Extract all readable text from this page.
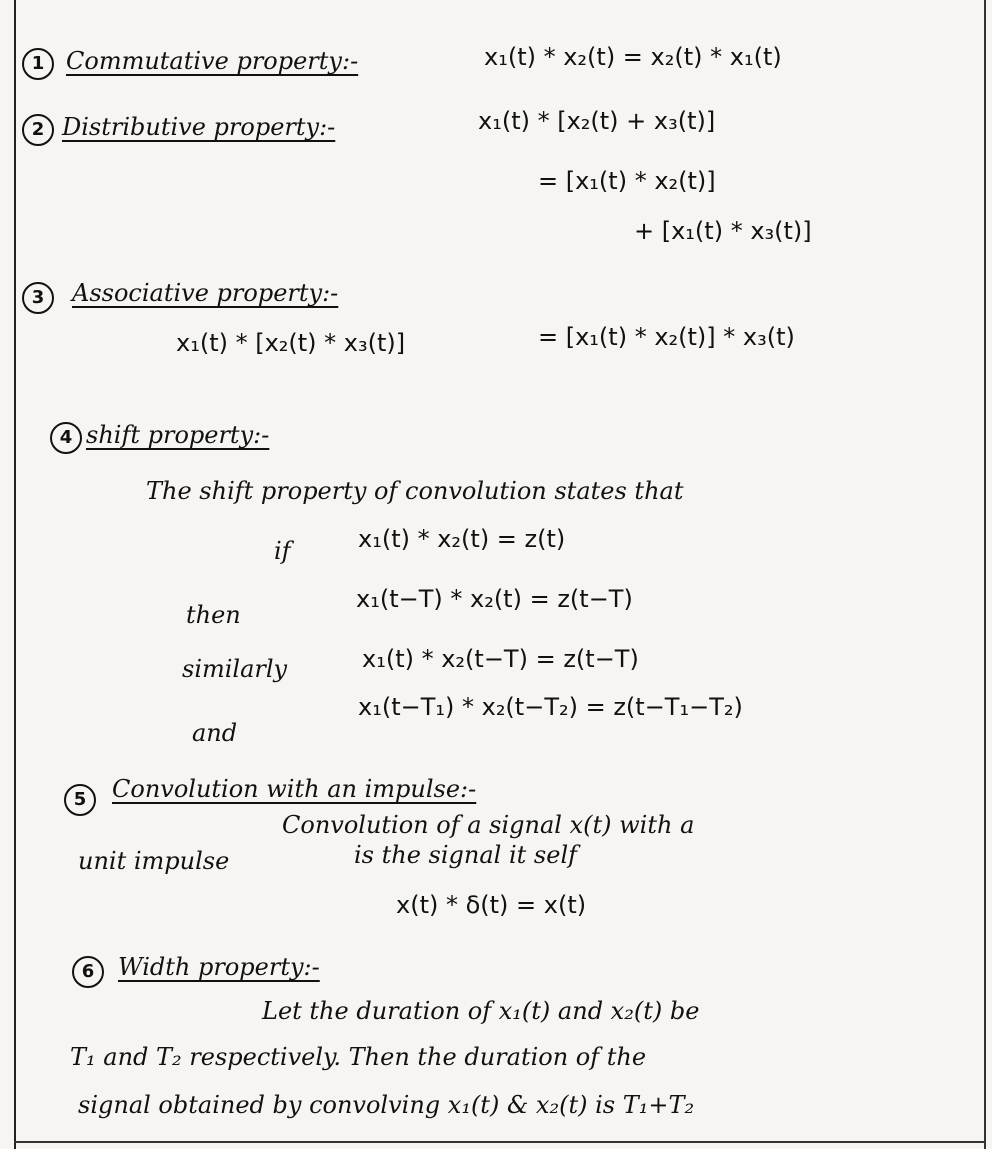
1 Commutative property:-	x₁(t) * x₂(t) = x₂(t) * x₁(t)
2 Distributive property:-	x₁(t) * [x₂(t) + x₃(t)]
= [x₁(t) * x₂(t)]
+ [x₁(t) * x₃(t)]
3	Associative property:-
x₁(t) * [x₂(t) * x₃(t)]	= [x₁(t) * x₂(t)] * x₃(t)
4 shift property:-
The shift property of convolution states that
if	x₁(t) * x₂(t) = z(t)
then
x₁(t−T) * x₂(t) = z(t−T)
similarly	x₁(t) * x₂(t−T) = z(t−T)
and
x₁(t−T₁) * x₂(t−T₂) = z(t−T₁−T₂)
5	Convolution with an impulse:-
Convolution of a signal x(t) with a
unit impulse	is the signal it self
x(t) * δ(t) = x(t)
6 Width property:-
Let the duration of x₁(t) and x₂(t) be
T₁ and T₂ respectively. Then the duration of the
signal obtained by convolving x₁(t) & x₂(t) is T₁+T₂
